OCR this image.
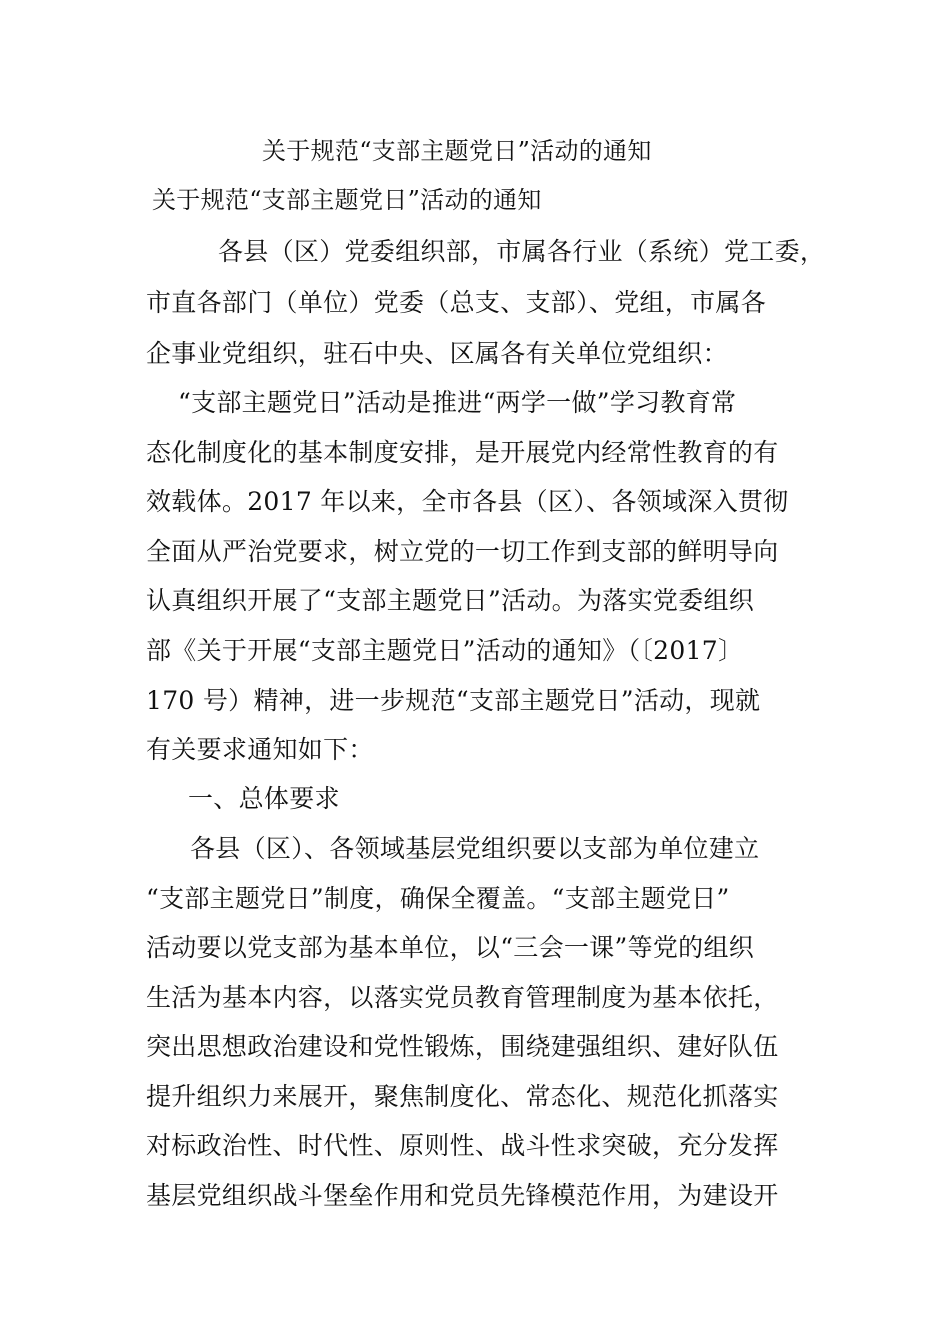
关于规范“支部主题党日”活动的通知
关于规范“支部主题党日”活动的通知
各县（区）党委组织部，市属各行业（系统）党工委，
市直各部门（单位）党委（总支、支部）、党组，市属各
企事业党组织，驻石中央、区属各有关单位党组织：
“支部主题党日”活动是推进“两学一做”学习教育常
态化制度化的基本制度安排，是开展党内经常性教育的有
效载体。2017 年以来，全市各县（区）、各领域深入贯彻
全面从严治党要求，树立党的一切工作到支部的鲜明导向
认真组织开展了“支部主题党日”活动。为落实党委组织
部《关于开展“支部主题党日”活动的通知》（〔2017〕
170 号）精神，进一步规范“支部主题党日”活动，现就
有关要求通知如下：
一、总体要求
各县（区）、各领域基层党组织要以支部为单位建立
“支部主题党日”制度，确保全覆盖。“支部主题党日”
活动要以党支部为基本单位，以“三会一课”等党的组织
生活为基本内容，以落实党员教育管理制度为基本依托，
突出思想政治建设和党性锻炼，围绕建强组织、建好队伍
提升组织力来展开，聚焦制度化、常态化、规范化抓落实
对标政治性、时代性、原则性、战斗性求突破，充分发挥
基层党组织战斗堡垒作用和党员先锋模范作用，为建设开
